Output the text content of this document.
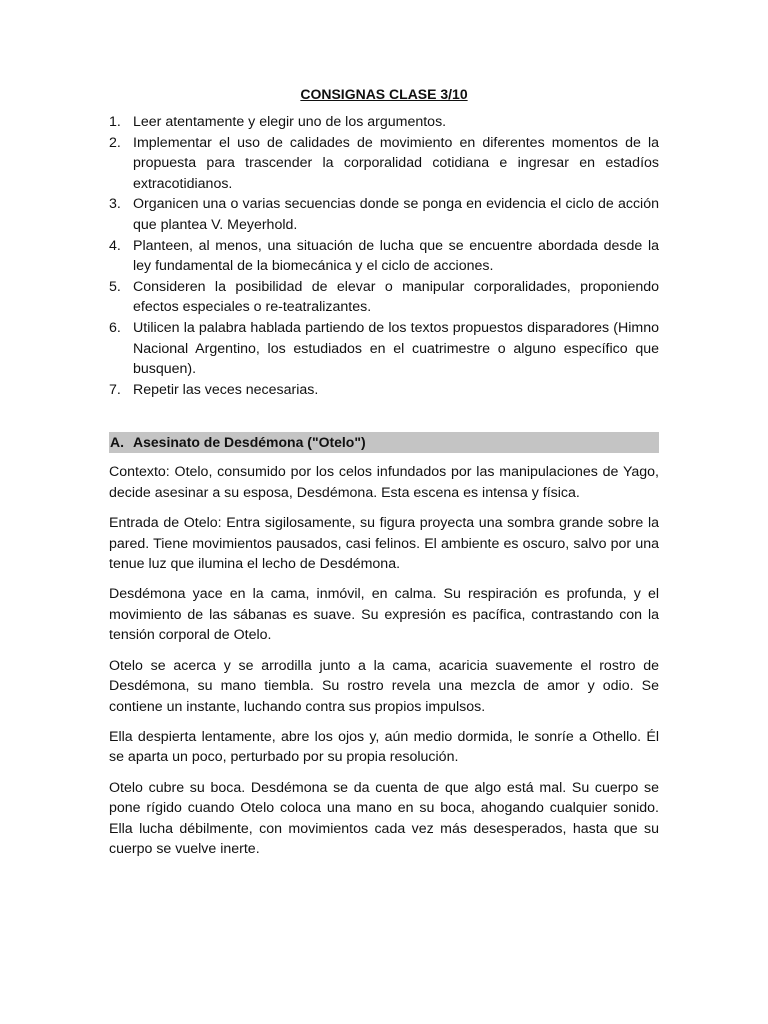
CONSIGNAS CLASE 3/10
1. Leer atentamente y elegir uno de los argumentos.
2. Implementar el uso de calidades de movimiento en diferentes momentos de la propuesta para trascender la corporalidad cotidiana e ingresar en estadíos extracotidianos.
3. Organicen una o varias secuencias donde se ponga en evidencia el ciclo de acción que plantea V. Meyerhold.
4. Planteen, al menos, una situación de lucha que se encuentre abordada desde la ley fundamental de la biomecánica y el ciclo de acciones.
5. Consideren la posibilidad de elevar o manipular corporalidades, proponiendo efectos especiales o re-teatralizantes.
6. Utilicen la palabra hablada partiendo de los textos propuestos disparadores (Himno Nacional Argentino, los estudiados en el cuatrimestre o alguno específico que busquen).
7. Repetir las veces necesarias.
A. Asesinato de Desdémona ("Otelo")

Contexto: Otelo, consumido por los celos infundados por las manipulaciones de Yago, decide asesinar a su esposa, Desdémona. Esta escena es intensa y física.

Entrada de Otelo: Entra sigilosamente, su figura proyecta una sombra grande sobre la pared. Tiene movimientos pausados, casi felinos. El ambiente es oscuro, salvo por una tenue luz que ilumina el lecho de Desdémona.

Desdémona yace en la cama, inmóvil, en calma. Su respiración es profunda, y el movimiento de las sábanas es suave. Su expresión es pacífica, contrastando con la tensión corporal de Otelo.

Otelo se acerca y se arrodilla junto a la cama, acaricia suavemente el rostro de Desdémona, su mano tiembla. Su rostro revela una mezcla de amor y odio. Se contiene un instante, luchando contra sus propios impulsos.

Ella despierta lentamente, abre los ojos y, aún medio dormida, le sonríe a Othello. Él se aparta un poco, perturbado por su propia resolución.

Otelo cubre su boca. Desdémona se da cuenta de que algo está mal. Su cuerpo se pone rígido cuando Otelo coloca una mano en su boca, ahogando cualquier sonido. Ella lucha débilmente, con movimientos cada vez más desesperados, hasta que su cuerpo se vuelve inerte.
